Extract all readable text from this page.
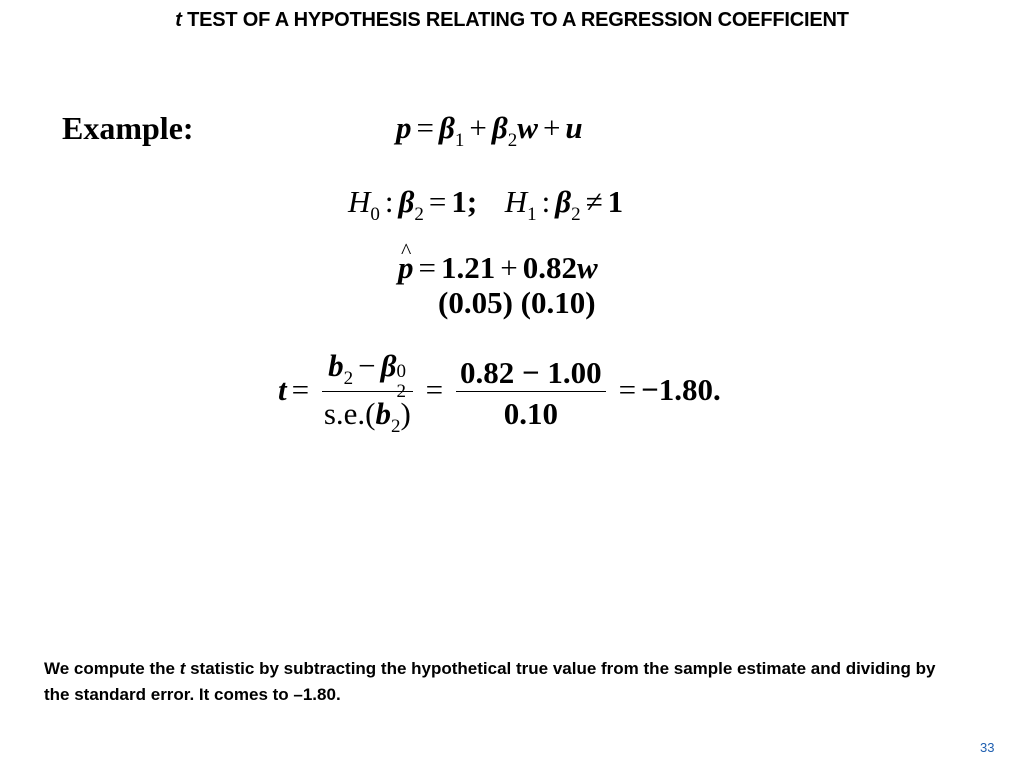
t TEST OF A HYPOTHESIS RELATING TO A REGRESSION COEFFICIENT
Example:	$p = \beta_1 + \beta_2w + u$
$H_0$ : $\beta_2 = 1$; $H_1$ : $\beta_2 \ne 1$
^ p = 1.21 + 0.82w
(0.05) (0.10)
$t = b_2 - \beta$ 0
2
$s.e.(b_2) = \frac{0.82 - 1.00}{0.10} = -1.80$.
We compute the t statistic by subtracting the hypothetical true value from the sample estimate and dividing by the standard error. It comes to –1.80.
33
